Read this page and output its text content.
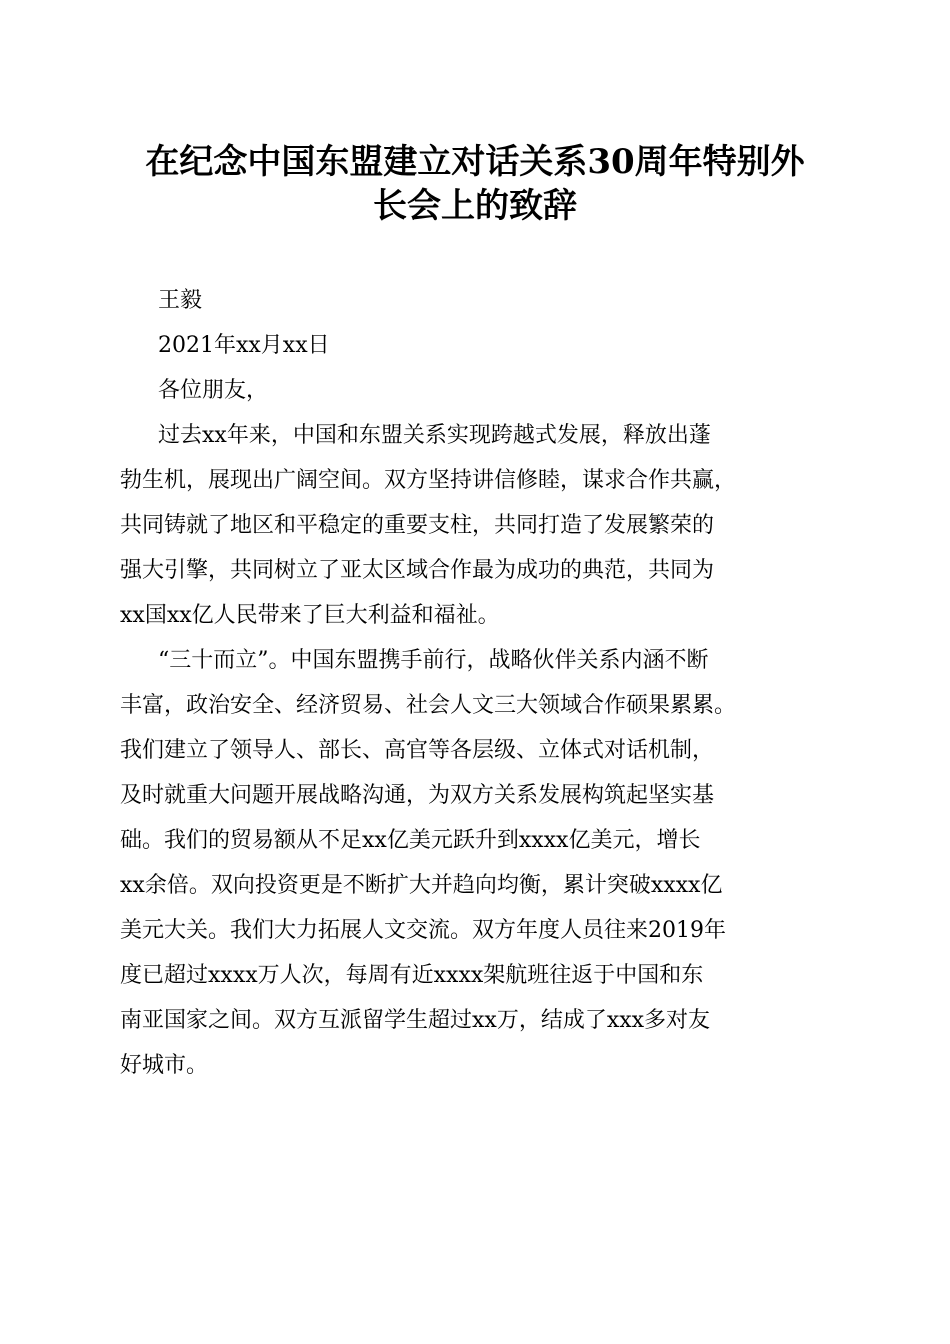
在纪念中国东盟建立对话关系30周年特别外
长会上的致辞
王毅
2021年xx月xx日
各位朋友，
过去xx年来，中国和东盟关系实现跨越式发展，释放出蓬
勃生机，展现出广阔空间。双方坚持讲信修睦，谋求合作共赢，
共同铸就了地区和平稳定的重要支柱，共同打造了发展繁荣的
强大引擎，共同树立了亚太区域合作最为成功的典范，共同为
xx国xx亿人民带来了巨大利益和福祉。
“三十而立”。中国东盟携手前行，战略伙伴关系内涵不断
丰富，政治安全、经济贸易、社会人文三大领域合作硕果累累。
我们建立了领导人、部长、高官等各层级、立体式对话机制，
及时就重大问题开展战略沟通，为双方关系发展构筑起坚实基
础。我们的贸易额从不足xx亿美元跃升到xxxx亿美元，增长
xx余倍。双向投资更是不断扩大并趋向均衡，累计突破xxxx亿
美元大关。我们大力拓展人文交流。双方年度人员往来2019年
度已超过xxxx万人次，每周有近xxxx架航班往返于中国和东
南亚国家之间。双方互派留学生超过xx万，结成了xxx多对友
好城市。
